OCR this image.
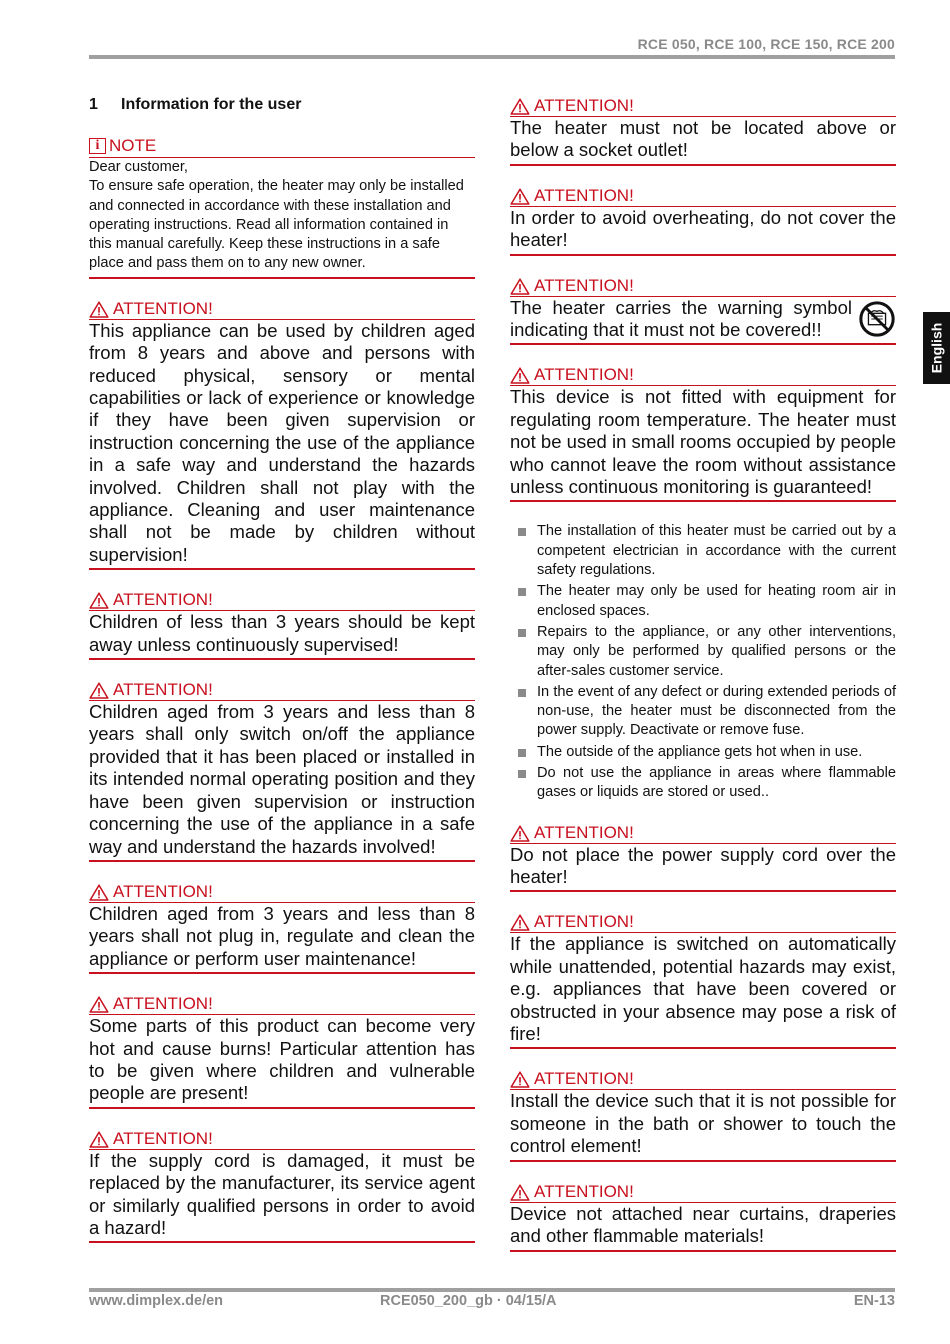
RCE 050, RCE 100, RCE 150, RCE 200
English
1 Information for the user
i NOTE
Dear customer,
To ensure safe operation, the heater may only be installed and connected in accordance with these installation and operating instructions. Read all information contained in this manual carefully. Keep these instructions in a safe place and pass them on to any new owner.
ATTENTION!
This appliance can be used by children aged from 8 years and above and persons with reduced physical, sensory or mental capabilities or lack of experience or knowledge if they have been given supervision or instruction concerning the use of the appliance in a safe way and understand the hazards involved. Children shall not play with the appliance. Cleaning and user maintenance shall not be made by children without supervision!
ATTENTION!
Children of less than 3 years should be kept away unless continuously supervised!
ATTENTION!
Children aged from 3 years and less than 8 years shall only switch on/off the appliance provided that it has been placed or installed in its intended normal operating position and they have been given supervision or instruction concerning the use of the appliance in a safe way and understand the hazards involved!
ATTENTION!
Children aged from 3 years and less than 8 years shall not plug in, regulate and clean the appliance or perform user maintenance!
ATTENTION!
Some parts of this product can become very hot and cause burns! Particular attention has to be given where children and vulnerable people are present!
ATTENTION!
If the supply cord is damaged, it must be replaced by the manufacturer, its service agent or similarly qualified persons in order to avoid a hazard!
ATTENTION!
The heater must not be located above or below a socket outlet!
ATTENTION!
In order to avoid overheating, do not cover the heater!
ATTENTION!
The heater carries the warning symbol indicating that it must not be covered!!
ATTENTION!
This device is not fitted with equipment for regulating room temperature. The heater must not be used in small rooms occupied by people who cannot leave the room without assistance unless continuous monitoring is guaranteed!
The installation of this heater must be carried out by a competent electrician in accordance with the current safety regulations.
The heater may only be used for heating room air in enclosed spaces.
Repairs to the appliance, or any other interventions, may only be performed by qualified persons or the after-sales customer service.
In the event of any defect or during extended periods of non-use, the heater must be disconnected from the power supply. Deactivate or remove fuse.
The outside of the appliance gets hot when in use.
Do not use the appliance in areas where flammable gases or liquids are stored or used..
ATTENTION!
Do not place the power supply cord over the heater!
ATTENTION!
If the appliance is switched on automatically while unattended, potential hazards may exist, e.g. appliances that have been covered or obstructed in your absence may pose a risk of fire!
ATTENTION!
Install the device such that it is not possible for someone in the bath or shower to touch the control element!
ATTENTION!
Device not attached near curtains, draperies and other flammable materials!
www.dimplex.de/en	RCE050_200_gb · 04/15/A	EN-13
